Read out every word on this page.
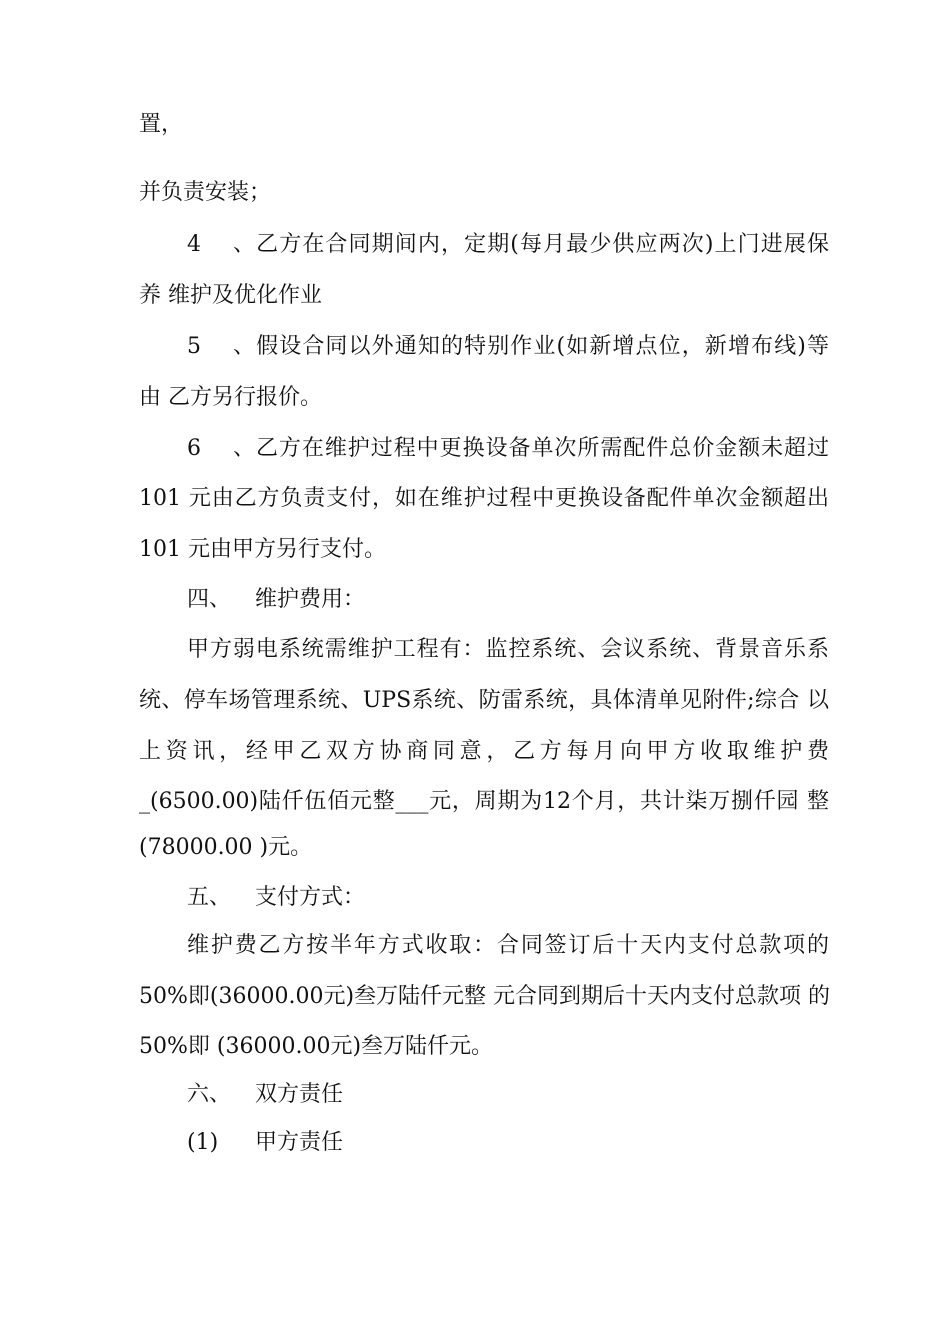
置，
并负责安装；
4、乙方在合同期间内，定期(每月最少供应两次)上门进展保
养 维护及优化作业
5、假设合同以外通知的特别作业(如新增点位，新增布线)等
由 乙方另行报价。
6、乙方在维护过程中更换设备单次所需配件总价金额未超过
101 元由乙方负责支付，如在维护过程中更换设备配件单次金额超出
101 元由甲方另行支付。
四、 维护费用：
甲方弱电系统需维护工程有：监控系统、会议系统、背景音乐系
统、停车场管理系统、UPS系统、防雷系统，具体清单见附件;综合 以
上资讯，经甲乙双方协商同意，乙方每月向甲方收取维护费
_(6500.00)陆仟伍佰元整___元，周期为12个月，共计柒万捌仟园 整
(78000.00 )元。
五、 支付方式：
维护费乙方按半年方式收取：合同签订后十天内支付总款项的
50%即(36000.00元)叁万陆仟元整 元合同到期后十天内支付总款项 的
50%即 (36000.00元)叁万陆仟元。
六、 双方责任
(1) 甲方责任
